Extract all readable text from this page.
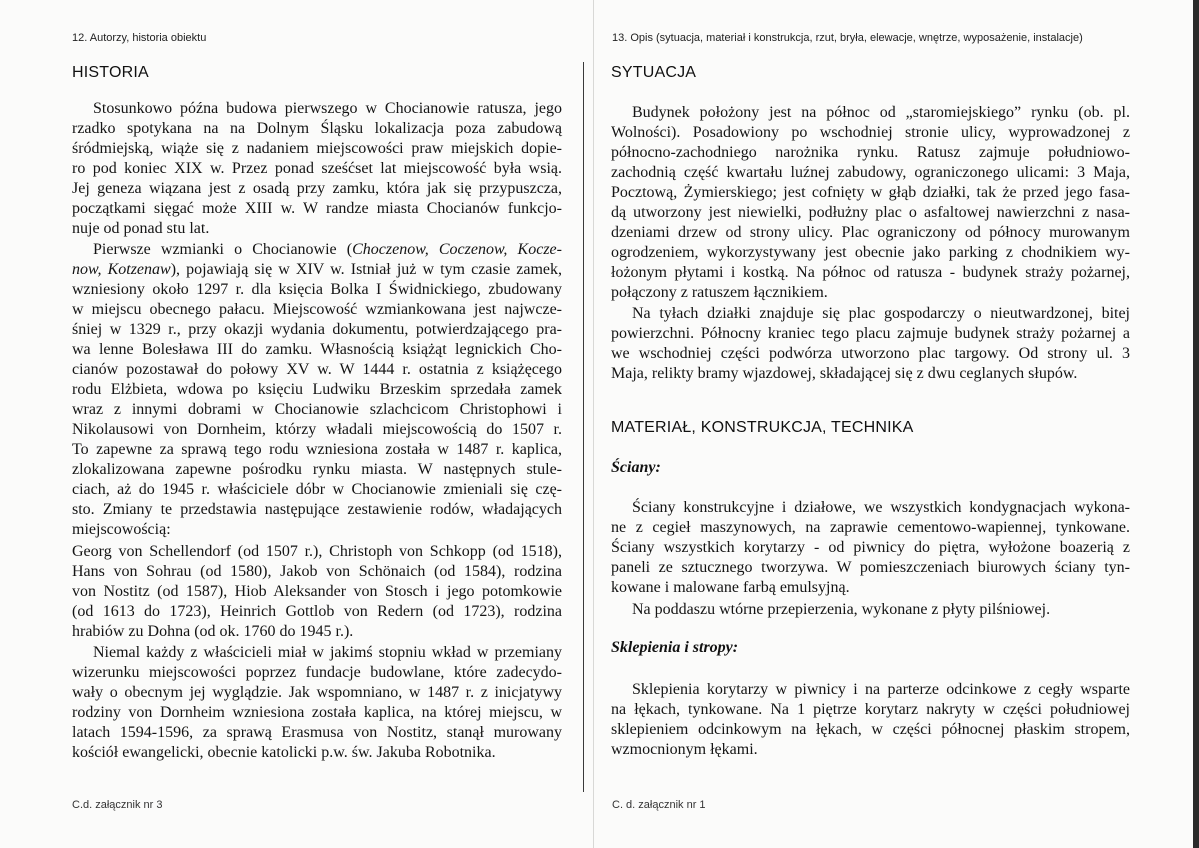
12. Autorzy, historia obiektu
HISTORIA
Stosunkowo późna budowa pierwszego w Chocianowie ratusza, jego
rzadko spotykana na na Dolnym Śląsku lokalizacja poza zabudową
śródmiejską, wiąże się z nadaniem miejscowości praw miejskich dopie-
ro pod koniec XIX w. Przez ponad sześćset lat miejscowość była wsią.
Jej geneza wiązana jest z osadą przy zamku, która jak się przypuszcza,
początkami sięgać może XIII w. W randze miasta Chocianów funkcjo-
nuje od ponad stu lat.
Pierwsze wzmianki o Chocianowie (Choczenow, Coczenow, Kocze-
now, Kotzenaw), pojawiają się w XIV w. Istniał już w tym czasie zamek,
wzniesiony około 1297 r. dla księcia Bolka I Świdnickiego, zbudowany
w miejscu obecnego pałacu. Miejscowość wzmiankowana jest najwcze-
śniej w 1329 r., przy okazji wydania dokumentu, potwierdzającego pra-
wa lenne Bolesława III do zamku. Własnością książąt legnickich Cho-
cianów pozostawał do połowy XV w. W 1444 r. ostatnia z książęcego
rodu Elżbieta, wdowa po księciu Ludwiku Brzeskim sprzedała zamek
wraz z innymi dobrami w Chocianowie szlachcicom Christophowi i
Nikolausowi von Dornheim, którzy władali miejscowością do 1507 r.
To zapewne za sprawą tego rodu wzniesiona została w 1487 r. kaplica,
zlokalizowana zapewne pośrodku rynku miasta. W następnych stule-
ciach, aż do 1945 r. właściciele dóbr w Chocianowie zmieniali się czę-
sto. Zmiany te przedstawia następujące zestawienie rodów, władających
miejscowością:
Georg von Schellendorf (od 1507 r.), Christoph von Schkopp (od 1518),
Hans von Sohrau (od 1580), Jakob von Schönaich (od 1584), rodzina
von Nostitz (od 1587), Hiob Aleksander von Stosch i jego potomkowie
(od 1613 do 1723), Heinrich Gottlob von Redern (od 1723), rodzina
hrabiów zu Dohna (od ok. 1760 do 1945 r.).
Niemal każdy z właścicieli miał w jakimś stopniu wkład w przemiany
wizerunku miejscowości poprzez fundacje budowlane, które zadecydo-
wały o obecnym jej wyglądzie. Jak wspomniano, w 1487 r. z inicjatywy
rodziny von Dornheim wzniesiona została kaplica, na której miejscu, w
latach 1594-1596, za sprawą Erasmusa von Nostitz, stanął murowany
kościół ewangelicki, obecnie katolicki p.w. św. Jakuba Robotnika.
C.d. załącznik nr 3
13. Opis (sytuacja, materiał i konstrukcja, rzut, bryła, elewacje, wnętrze, wyposażenie, instalacje)
SYTUACJA
Budynek położony jest na północ od „staromiejskiego” rynku (ob. pl.
Wolności). Posadowiony po wschodniej stronie ulicy, wyprowadzonej z
północno-zachodniego narożnika rynku. Ratusz zajmuje południowo-
zachodnią część kwartału luźnej zabudowy, ograniczonego ulicami: 3 Maja,
Pocztową, Żymierskiego; jest cofnięty w głąb działki, tak że przed jego fasa-
dą utworzony jest niewielki, podłużny plac o asfaltowej nawierzchni z nasa-
dzeniami drzew od strony ulicy. Plac ograniczony od północy murowanym
ogrodzeniem, wykorzystywany jest obecnie jako parking z chodnikiem wy-
łożonym płytami i kostką. Na północ od ratusza - budynek straży pożarnej,
połączony z ratuszem łącznikiem.
Na tyłach działki znajduje się plac gospodarczy o nieutwardzonej, bitej
powierzchni. Północny kraniec tego placu zajmuje budynek straży pożarnej a
we wschodniej części podwórza utworzono plac targowy. Od strony ul. 3
Maja, relikty bramy wjazdowej, składającej się z dwu ceglanych słupów.
MATERIAŁ, KONSTRUKCJA, TECHNIKA
Ściany:
Ściany konstrukcyjne i działowe, we wszystkich kondygnacjach wykona-
ne z cegieł maszynowych, na zaprawie cementowo-wapiennej, tynkowane.
Ściany wszystkich korytarzy - od piwnicy do piętra, wyłożone boazerią z
paneli ze sztucznego tworzywa. W pomieszczeniach biurowych ściany tyn-
kowane i malowane farbą emulsyjną.
Na poddaszu wtórne przepierzenia, wykonane z płyty pilśniowej.
Sklepienia i stropy:
Sklepienia korytarzy w piwnicy i na parterze odcinkowe z cegły wsparte
na łękach, tynkowane. Na 1 piętrze korytarz nakryty w części południowej
sklepieniem odcinkowym na łękach, w części północnej płaskim stropem,
wzmocnionym łękami.
C. d. załącznik nr 1
